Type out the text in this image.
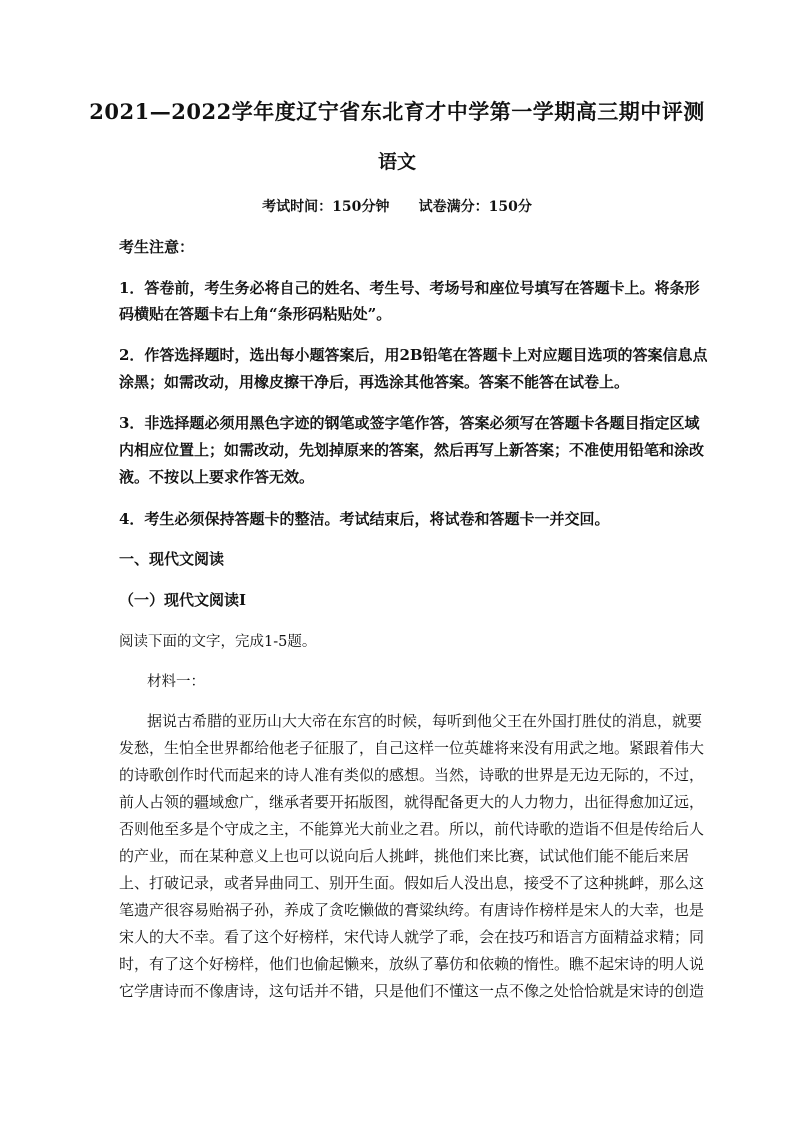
2021—2022学年度辽宁省东北育才中学第一学期高三期中评测
语文
考试时间：150分钟      试卷满分：150分
考生注意：
1．答卷前，考生务必将自己的姓名、考生号、考场号和座位号填写在答题卡上。将条形
码横贴在答题卡右上角“条形码粘贴处”。
2．作答选择题时，选出每小题答案后，用2B铅笔在答题卡上对应题目选项的答案信息点
涂黑；如需改动，用橡皮擦干净后，再选涂其他答案。答案不能答在试卷上。
3．非选择题必须用黑色字迹的钢笔或签字笔作答，答案必须写在答题卡各题目指定区域
内相应位置上；如需改动，先划掉原来的答案，然后再写上新答案；不准使用铅笔和涂改
液。不按以上要求作答无效。
4．考生必须保持答题卡的整洁。考试结束后，将试卷和答题卡一并交回。
一、现代文阅读
（一）现代文阅读Ⅰ
阅读下面的文字，完成1-5题。
材料一：
据说古希腊的亚历山大大帝在东宫的时候，每听到他父王在外国打胜仗的消息，就要
发愁，生怕全世界都给他老子征服了，自己这样一位英雄将来没有用武之地。紧跟着伟大
的诗歌创作时代而起来的诗人准有类似的感想。当然，诗歌的世界是无边无际的，不过，
前人占领的疆域愈广，继承者要开拓版图，就得配备更大的人力物力，出征得愈加辽远，
否则他至多是个守成之主，不能算光大前业之君。所以，前代诗歌的造诣不但是传给后人
的产业，而在某种意义上也可以说向后人挑衅，挑他们来比赛，试试他们能不能后来居
上、打破记录，或者异曲同工、别开生面。假如后人没出息，接受不了这种挑衅，那么这
笔遗产很容易贻祸子孙，养成了贪吃懒做的膏粱纨绔。有唐诗作榜样是宋人的大幸，也是
宋人的大不幸。看了这个好榜样，宋代诗人就学了乖，会在技巧和语言方面精益求精；同
时，有了这个好榜样，他们也偷起懒来，放纵了摹仿和依赖的惰性。瞧不起宋诗的明人说
它学唐诗而不像唐诗，这句话并不错，只是他们不懂这一点不像之处恰恰就是宋诗的创造
